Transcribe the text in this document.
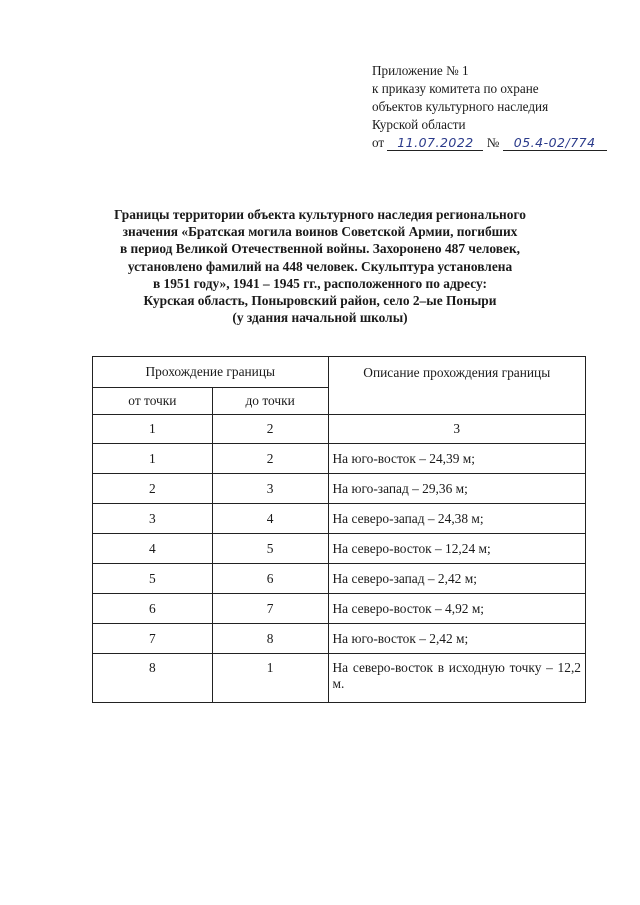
Приложение № 1
к приказу комитета по охране
объектов культурного наследия
Курской области
от 11.07.2022 № 05.4-02/774
Границы территории объекта культурного наследия регионального
значения «Братская могила воинов Советской Армии, погибших
в период Великой Отечественной войны. Захоронено 487 человек,
установлено фамилий на 448 человек. Скульптура установлена
в 1951 году», 1941 – 1945 гг., расположенного по адресу:
Курская область, Поныровский район, село 2–ые Поныри
(у здания начальной школы)
Прохождение границы		Описание прохождения границы
от точки	до точки	
1	2	3
1	2	На юго-восток – 24,39 м;
2	3	На юго-запад – 29,36 м;
3	4	На северо-запад – 24,38 м;
4	5	На северо-восток – 12,24 м;
5	6	На северо-запад – 2,42 м;
6	7	На северо-восток – 4,92 м;
7	8	На юго-восток – 2,42 м;
8	1	На северо-восток в исходную точку – 12,2 м.
